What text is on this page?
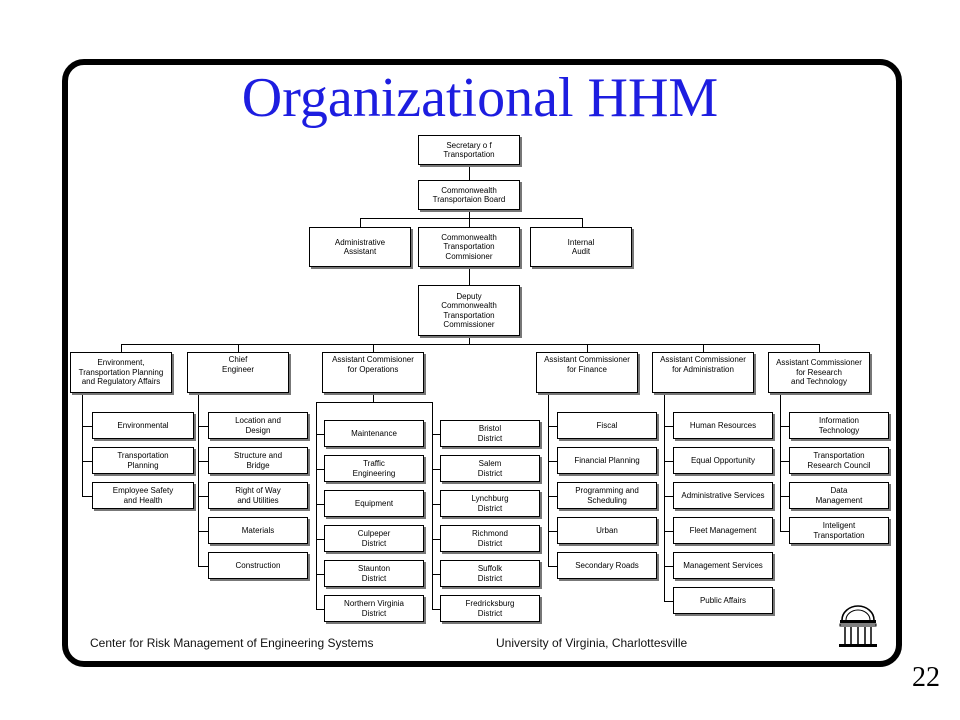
Organizational HHM
Secretary o f
Transportation
Commonwealth
Transportaion Board
Administrative
Assistant
Commonwealth
Transportation
Commisioner
Internal
Audit
Deputy
Commonwealth
Transportation
Commissioner
Environment,
Transportation Planning
and Regulatory Affairs
Chief
Engineer
Assistant Commisioner
for Operations
Assistant Commissioner
for Finance
Assistant Commissioner
for Administration
Assistant Commissioner
for Research
and Technology
Environmental
Transportation
Planning
Employee Safety
and Health
Location and
Design
Structure and
Bridge
Right of Way
and Utilities
Materials
Construction
Maintenance
Traffic
Engineering
Equipment
Culpeper
District
Staunton
District
Northern Virginia
District
Bristol
District
Salem
District
Lynchburg
District
Richmond
District
Suffolk
District
Fredricksburg
District
Fiscal
Financial Planning
Programming and
Scheduling
Urban
Secondary Roads
Human Resources
Equal Opportunity
Administrative Services
Fleet Management
Management Services
Public Affairs
Information
Technology
Transportation
Research Council
Data
Management
Inteligent
Transportation
Center for Risk Management of Engineering Systems	University of Virginia, Charlottesville
22
